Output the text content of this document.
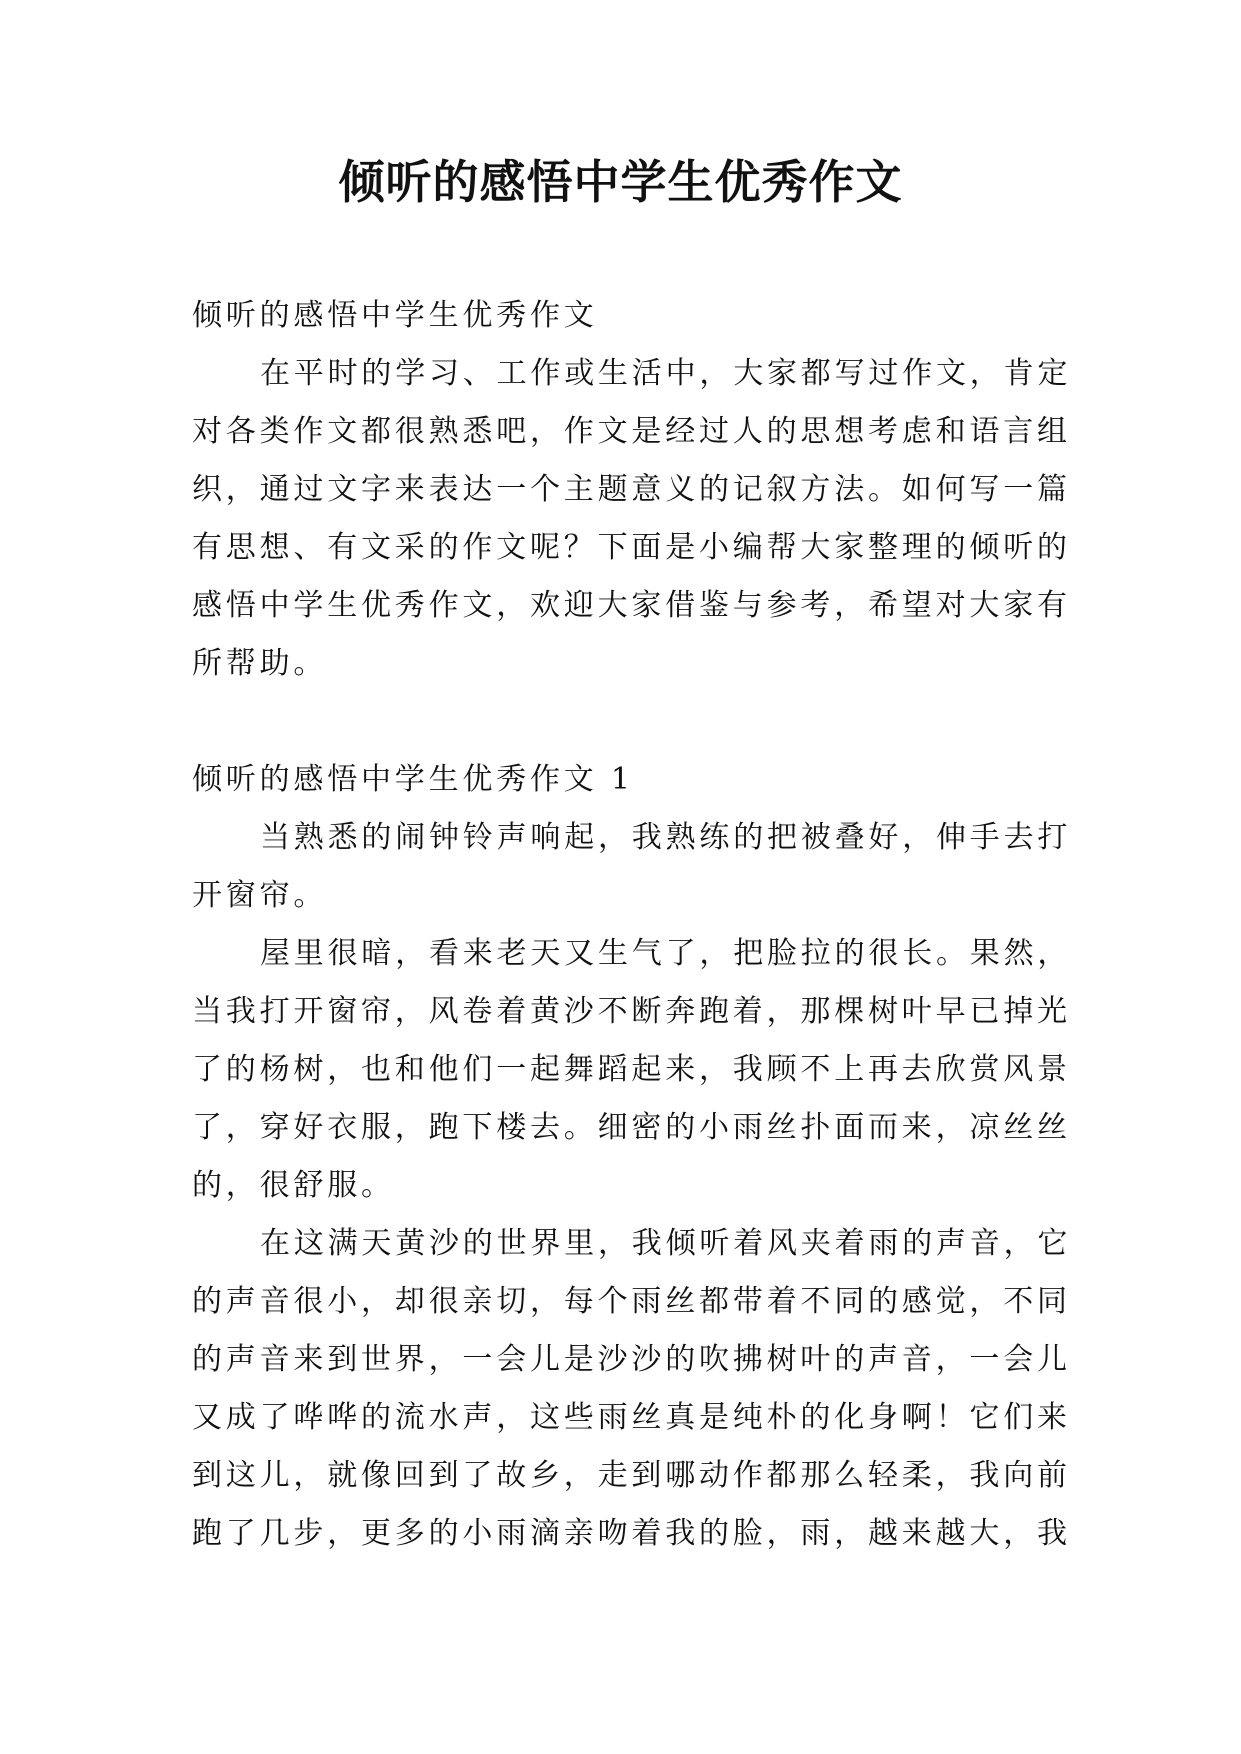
倾听的感悟中学生优秀作文
倾听的感悟中学生优秀作文
在平时的学习、工作或生活中，大家都写过作文，肯定
对各类作文都很熟悉吧，作文是经过人的思想考虑和语言组
织，通过文字来表达一个主题意义的记叙方法。如何写一篇
有思想、有文采的作文呢？下面是小编帮大家整理的倾听的
感悟中学生优秀作文，欢迎大家借鉴与参考，希望对大家有
所帮助。
倾听的感悟中学生优秀作文 1
当熟悉的闹钟铃声响起，我熟练的把被叠好，伸手去打
开窗帘。
屋里很暗，看来老天又生气了，把脸拉的很长。果然，
当我打开窗帘，风卷着黄沙不断奔跑着，那棵树叶早已掉光
了的杨树，也和他们一起舞蹈起来，我顾不上再去欣赏风景
了，穿好衣服，跑下楼去。细密的小雨丝扑面而来，凉丝丝
的，很舒服。
在这满天黄沙的世界里，我倾听着风夹着雨的声音，它
的声音很小，却很亲切，每个雨丝都带着不同的感觉，不同
的声音来到世界，一会儿是沙沙的吹拂树叶的声音，一会儿
又成了哗哗的流水声，这些雨丝真是纯朴的化身啊！它们来
到这儿，就像回到了故乡，走到哪动作都那么轻柔，我向前
跑了几步，更多的小雨滴亲吻着我的脸，雨，越来越大，我
